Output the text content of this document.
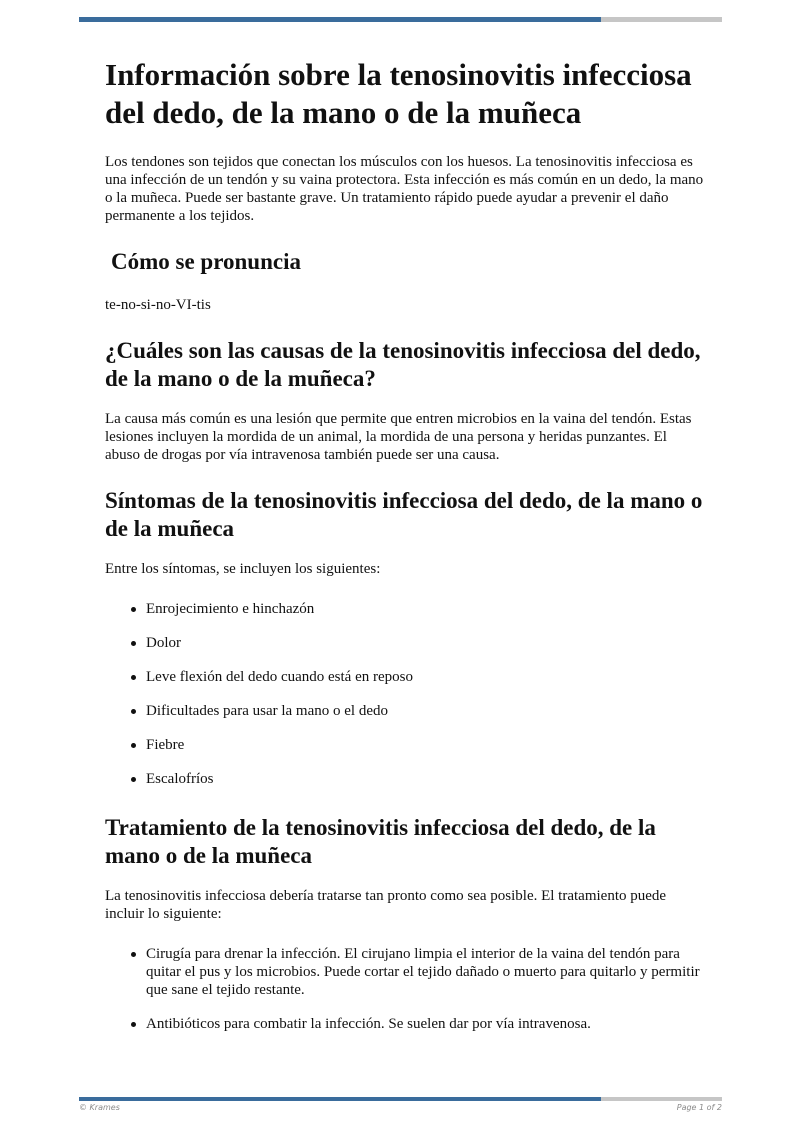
Información sobre la tenosinovitis infecciosa del dedo, de la mano o de la muñeca

Los tendones son tejidos que conectan los músculos con los huesos. La tenosinovitis infecciosa es una infección de un tendón y su vaina protectora. Esta infección es más común en un dedo, la mano o la muñeca. Puede ser bastante grave. Un tratamiento rápido puede ayudar a prevenir el daño permanente a los tejidos.

Cómo se pronuncia

te-no-si-no-VI-tis

¿Cuáles son las causas de la tenosinovitis infecciosa del dedo, de la mano o de la muñeca?

La causa más común es una lesión que permite que entren microbios en la vaina del tendón. Estas lesiones incluyen la mordida de un animal, la mordida de una persona y heridas punzantes. El abuso de drogas por vía intravenosa también puede ser una causa.

Síntomas de la tenosinovitis infecciosa del dedo, de la mano o de la muñeca

Entre los síntomas, se incluyen los siguientes:

Enrojecimiento e hinchazón
Dolor
Leve flexión del dedo cuando está en reposo
Dificultades para usar la mano o el dedo
Fiebre
Escalofríos
Tratamiento de la tenosinovitis infecciosa del dedo, de la mano o de la muñeca

La tenosinovitis infecciosa debería tratarse tan pronto como sea posible. El tratamiento puede incluir lo siguiente:

Cirugía para drenar la infección. El cirujano limpia el interior de la vaina del tendón para quitar el pus y los microbios. Puede cortar el tejido dañado o muerto para quitarlo y permitir que sane el tejido restante.
Antibióticos para combatir la infección. Se suelen dar por vía intravenosa.
© Krames	Page 1 of 2
